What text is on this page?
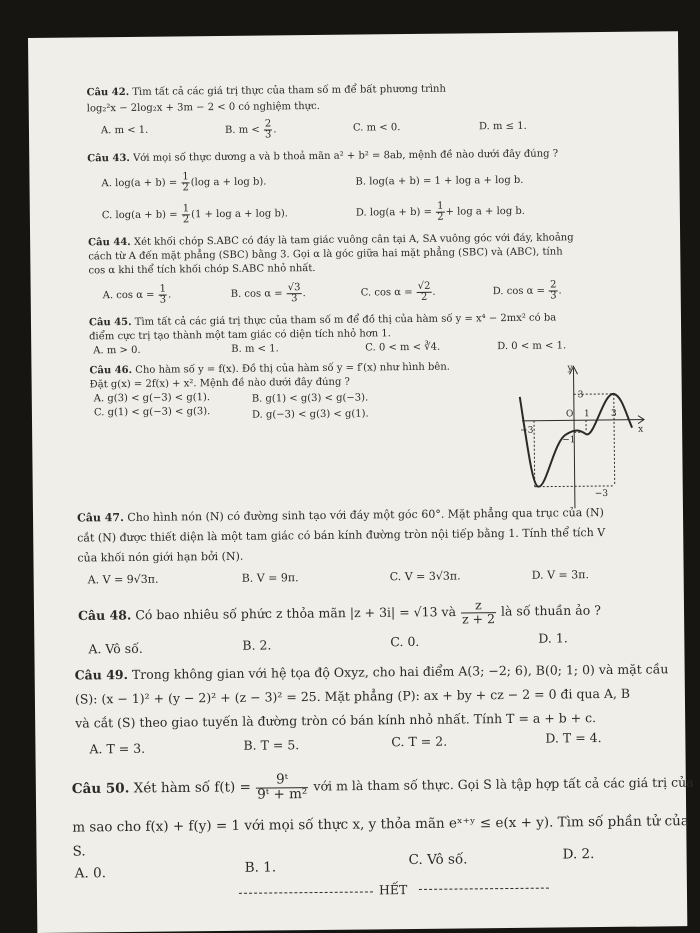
Câu 42. Tìm tất cả các giá trị thực của tham số m để bất phương trình

log₂²x − 2log₂x + 3m − 2 < 0 có nghiệm thực.

A. m < 1.	B. $m < \frac{2}{3}$ .	C. m < 0.	D. m ≤ 1.

Câu 43. Với mọi số thực dương a và b thoả mãn a² + b² = 8ab, mệnh đề nào dưới đây đúng ?

A. $\log(a + b) = \frac{1}{2} (\log$ a + log b).	B. log(a + b) = 1 + log a + log b.

C. $\log(a + b) = \frac{1}{2} (1 + \log a + \log b)$.	D. $\log(a + b) = \frac{1}{2} + \log a + \log b$.

Câu 44. Xét khối chóp S.ABC có đáy là tam giác vuông cân tại A, SA vuông góc với đáy, khoảng

cách từ A đến mặt phẳng (SBC) bằng 3. Gọi α là góc giữa hai mặt phẳng (SBC) và (ABC), tính

cos α khi thể tích khối chóp S.ABC nhỏ nhất.

A. $\cos \alpha = \frac{1}{3}$ .	B. $\cos \alpha = \frac{√3}{3}$ .	C. $\cos \alpha = \frac{√2}{2}$ .	D. $\cos \alpha = \frac{2}{3}$ .

Câu 45. Tìm tất cả các giá trị thực của tham số m để đồ thị của hàm số y = x⁴ − 2mx² có ba

điểm cực trị tạo thành một tam giác có diện tích nhỏ hơn 1.

A. m > 0.	B. m < 1.	C. 0 < m < ∛4.	D. 0 < m < 1.

Câu 46. Cho hàm số y = f(x). Đồ thị của hàm số y = f′(x) như hình bên.

Đặt g(x) = 2f(x) + x². Mệnh đề nào dưới đây đúng ?

A. g(3) < g(−3) < g(1).	B. g(1) < g(3) < g(−3).

C. g(1) < g(−3) < g(3).	D. g(−3) < g(3) < g(1).

y
x
O
3
1 3
−3
−1
−3

Câu 47. Cho hình nón (N) có đường sinh tạo với đáy một góc 60°. Mặt phẳng qua trục của (N)

cắt (N) được thiết diện là một tam giác có bán kính đường tròn nội tiếp bằng 1. Tính thể tích V

của khối nón giới hạn bởi (N).

A. V = 9√3π.	B. V = 9π.	C. V = 3√3π.	D. V = 3π.

Câu 48. Có bao nhiêu số phức z thỏa mãn |z + 3i| = √13 và $\frac{z}{z + 2}$ là số thuần ảo ?

A. Vô số.	B. 2.	C. 0.	D. 1.

Câu 49. Trong không gian với hệ tọa độ Oxyz, cho hai điểm A(3; −2; 6), B(0; 1; 0) và mặt cầu

(S): (x − 1)² + (y − 2)² + (z − 3)² = 25. Mặt phẳng (P): ax + by + cz − 2 = 0 đi qua A, B

và cắt (S) theo giao tuyến là đường tròn có bán kính nhỏ nhất. Tính T = a + b + c.

A. T = 3.	B. T = 5.	C. T = 2.	D. T = 4.

Câu 50. Xét hàm số $f(t) = \frac{\text{9ᵗ}}{\text{9ᵗ + m²}}$ với m là tham số thực. Gọi S là tập hợp tất cả các giá trị của

m sao cho f(x) + f(y) = 1 với mọi số thực x, y thỏa mãn eˣ⁺ʸ ≤ e(x + y). Tìm số phần tử của

S.

A. 0.	B. 1.	C. Vô số.	D. 2.

HẾT
